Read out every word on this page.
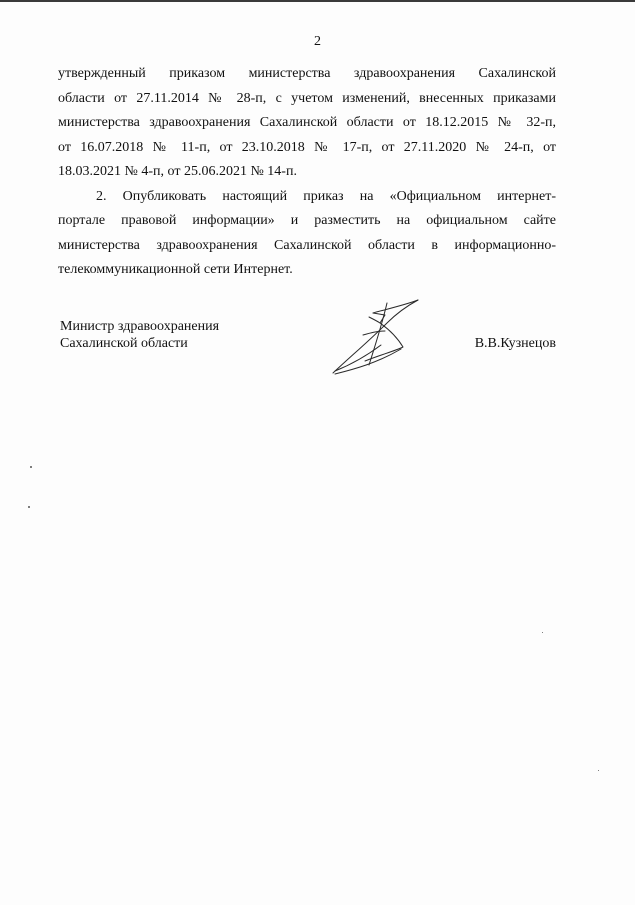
2

утвержденный приказом министерства здравоохранения Сахалинской
области от 27.11.2014 № 28-п, с учетом изменений, внесенных приказами
министерства здравоохранения Сахалинской области от 18.12.2015 № 32-п,
от 16.07.2018 № 11-п, от 23.10.2018 № 17-п, от 27.11.2020 № 24-п, от
18.03.2021 № 4-п, от 25.06.2021 № 14-п.

2. Опубликовать настоящий приказ на «Официальном интернет-
портале правовой информации» и разместить на официальном сайте
министерства здравоохранения Сахалинской области в информационно-
телекоммуникационной сети Интернет.

Министр здравоохранения
Сахалинской области	В.В.Кузнецов
